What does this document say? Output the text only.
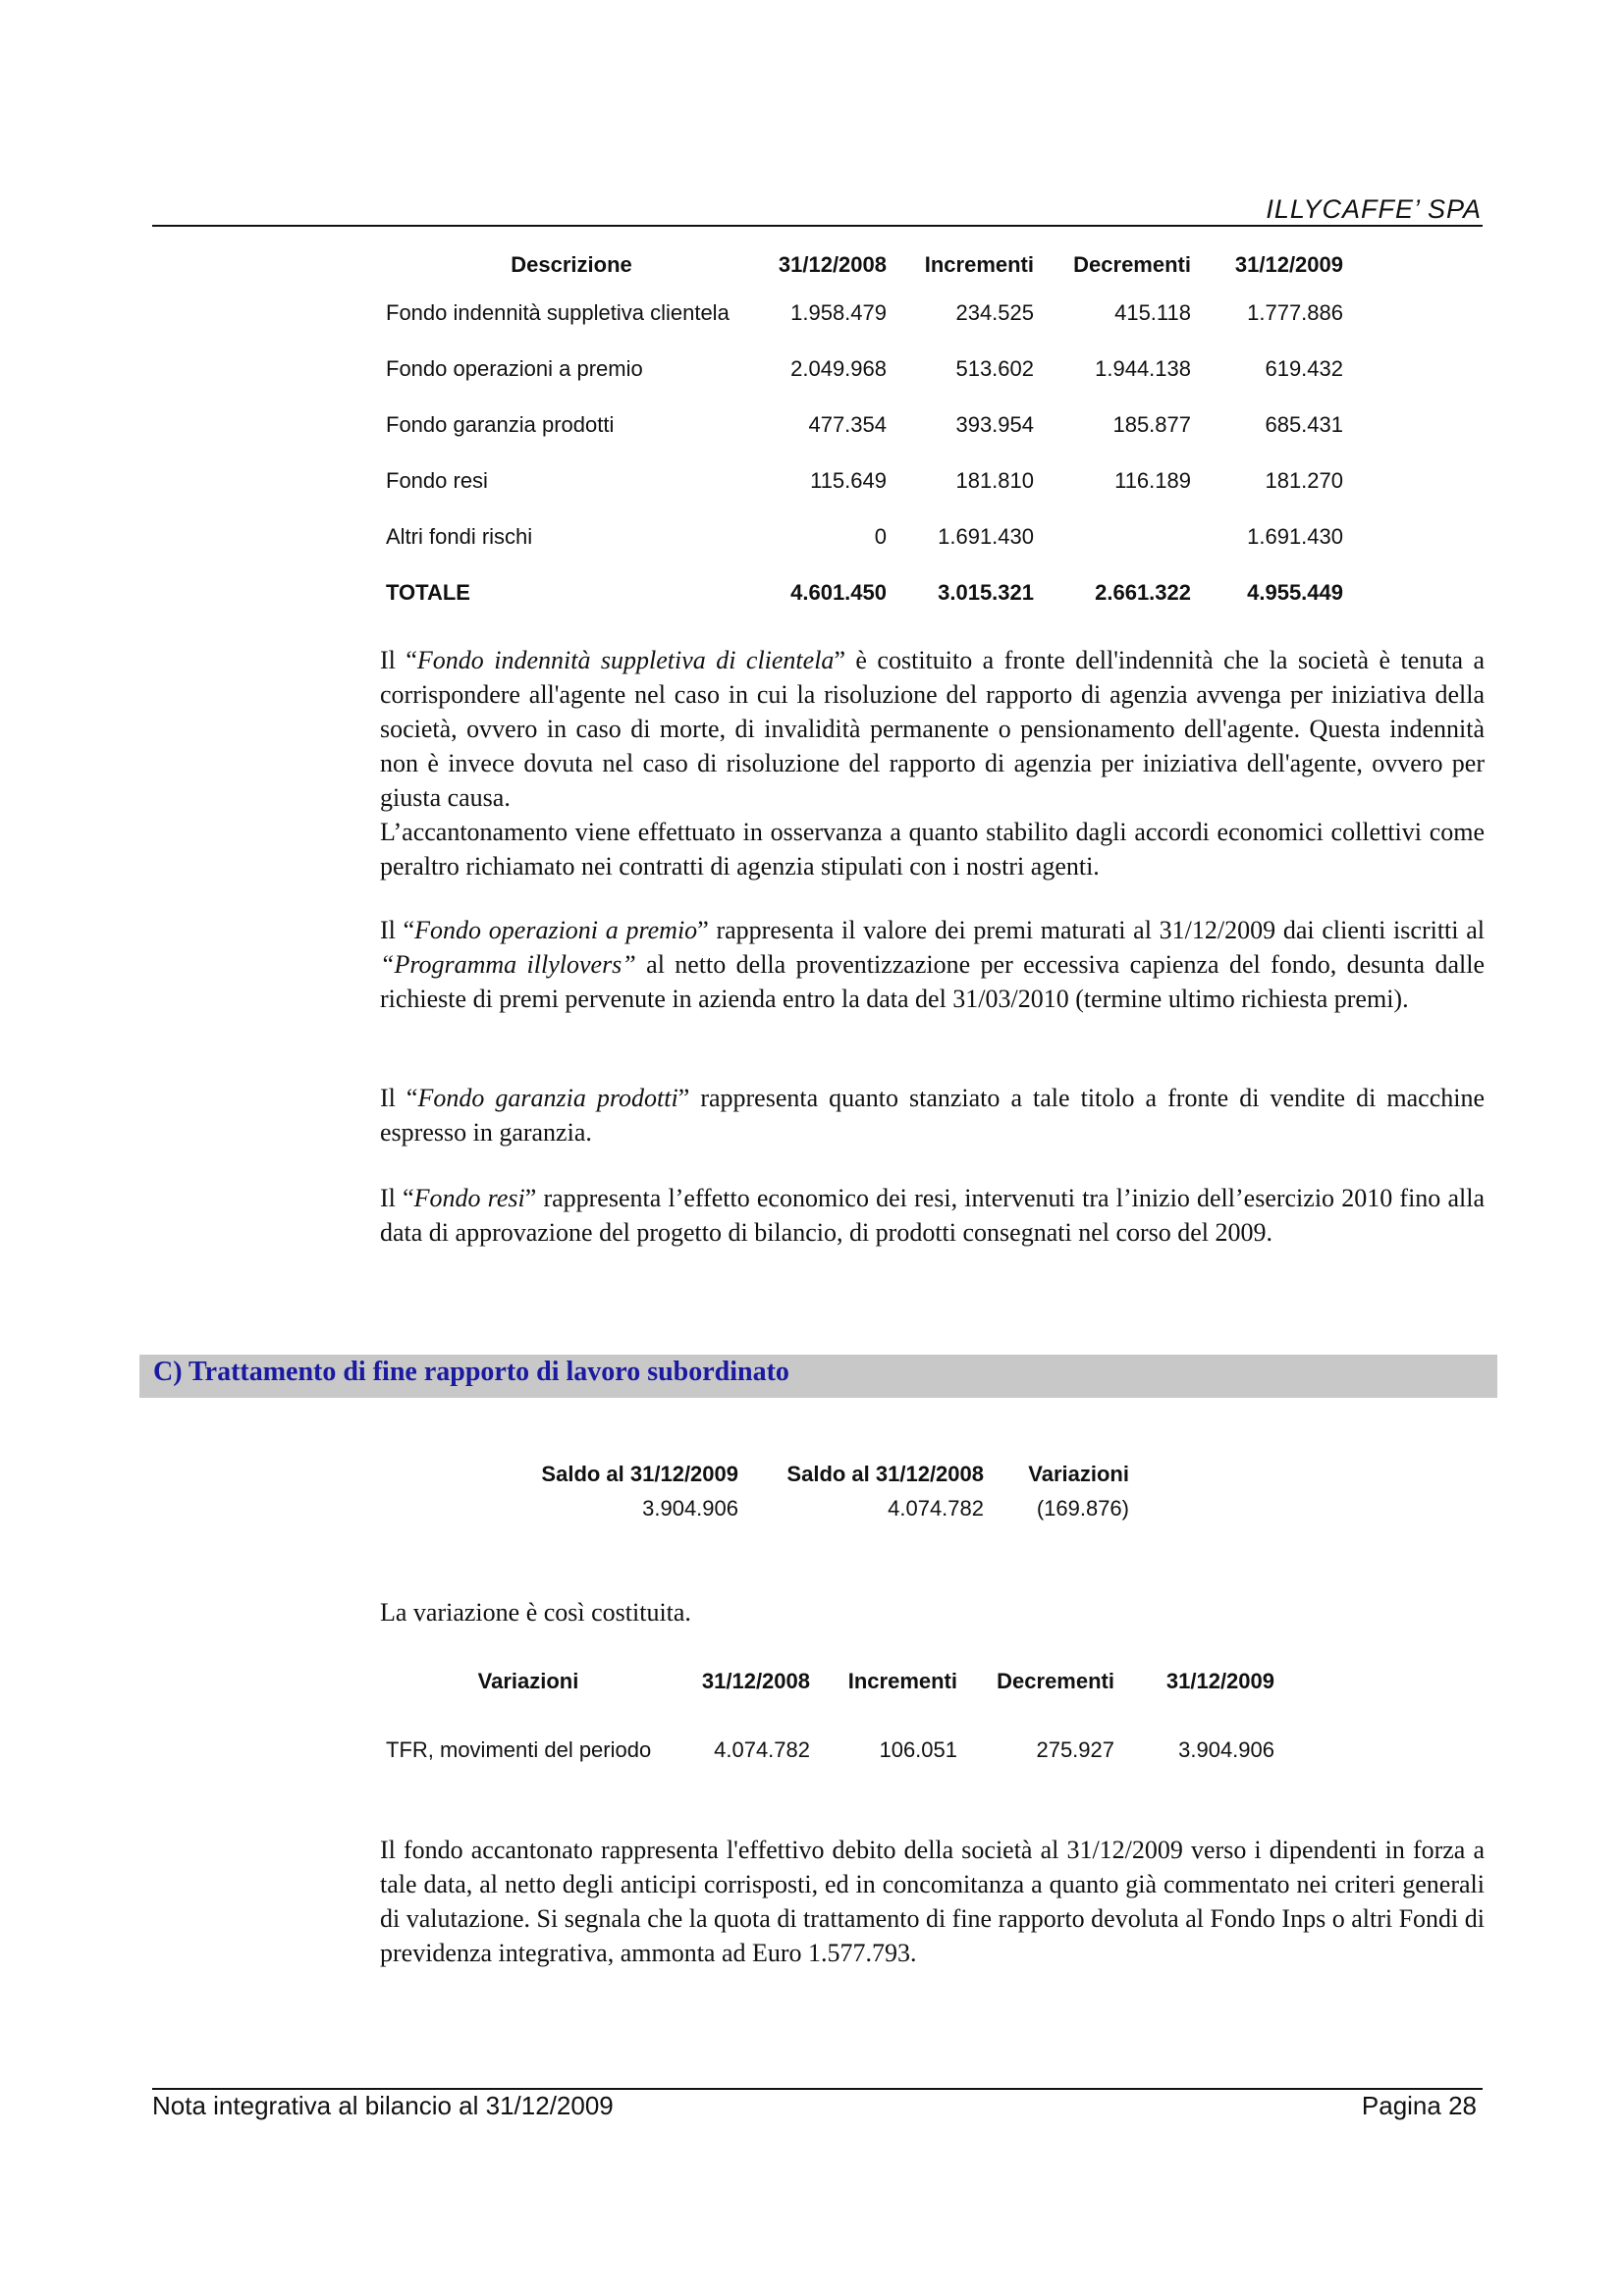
ILLYCAFFE’ SPA
Descrizione	31/12/2008	Incrementi	Decrementi	31/12/2009
Fondo indennità suppletiva clientela	1.958.479	234.525	415.118	1.777.886
Fondo operazioni a premio	2.049.968	513.602	1.944.138	619.432
Fondo garanzia prodotti	477.354	393.954	185.877	685.431
Fondo resi	115.649	181.810	116.189	181.270
Altri fondi rischi	0	1.691.430		1.691.430
TOTALE	4.601.450	3.015.321	2.661.322	4.955.449
Il “Fondo indennità suppletiva di clientela” è costituito a fronte dell'indennità che la società è tenuta a corrispondere all'agente nel caso in cui la risoluzione del rapporto di agenzia avvenga per iniziativa della società, ovvero in caso di morte, di invalidità permanente o pensionamento dell'agente. Questa indennità non è invece dovuta nel caso di risoluzione del rapporto di agenzia per iniziativa dell'agente, ovvero per giusta causa.
L’accantonamento viene effettuato in osservanza a quanto stabilito dagli accordi economici collettivi come peraltro richiamato nei contratti di agenzia stipulati con i nostri agenti.
Il “Fondo operazioni a premio” rappresenta il valore dei premi maturati al 31/12/2009 dai clienti iscritti al “Programma illylovers” al netto della proventizzazione per eccessiva capienza del fondo, desunta dalle richieste di premi pervenute in azienda entro la data del 31/03/2010 (termine ultimo richiesta premi).
Il “Fondo garanzia prodotti” rappresenta quanto stanziato a tale titolo a fronte di vendite di macchine espresso in garanzia.
Il “Fondo resi” rappresenta l’effetto economico dei resi, intervenuti tra l’inizio dell’esercizio 2010 fino alla data di approvazione del progetto di bilancio, di prodotti consegnati nel corso del 2009.
C) Trattamento di fine rapporto di lavoro subordinato
Saldo al 31/12/2009	Saldo al 31/12/2008	Variazioni
3.904.906	4.074.782	(169.876)
La variazione è così costituita.
Variazioni	31/12/2008	Incrementi	Decrementi	31/12/2009

TFR, movimenti del periodo	4.074.782	106.051	275.927	3.904.906
Il fondo accantonato rappresenta l'effettivo debito della società al 31/12/2009 verso i dipendenti in forza a tale data, al netto degli anticipi corrisposti, ed in concomitanza a quanto già commentato nei criteri generali di valutazione. Si segnala che la quota di trattamento di fine rapporto devoluta al Fondo Inps o altri Fondi di previdenza integrativa, ammonta ad Euro 1.577.793.
Nota integrativa al bilancio al 31/12/2009	Pagina 28
